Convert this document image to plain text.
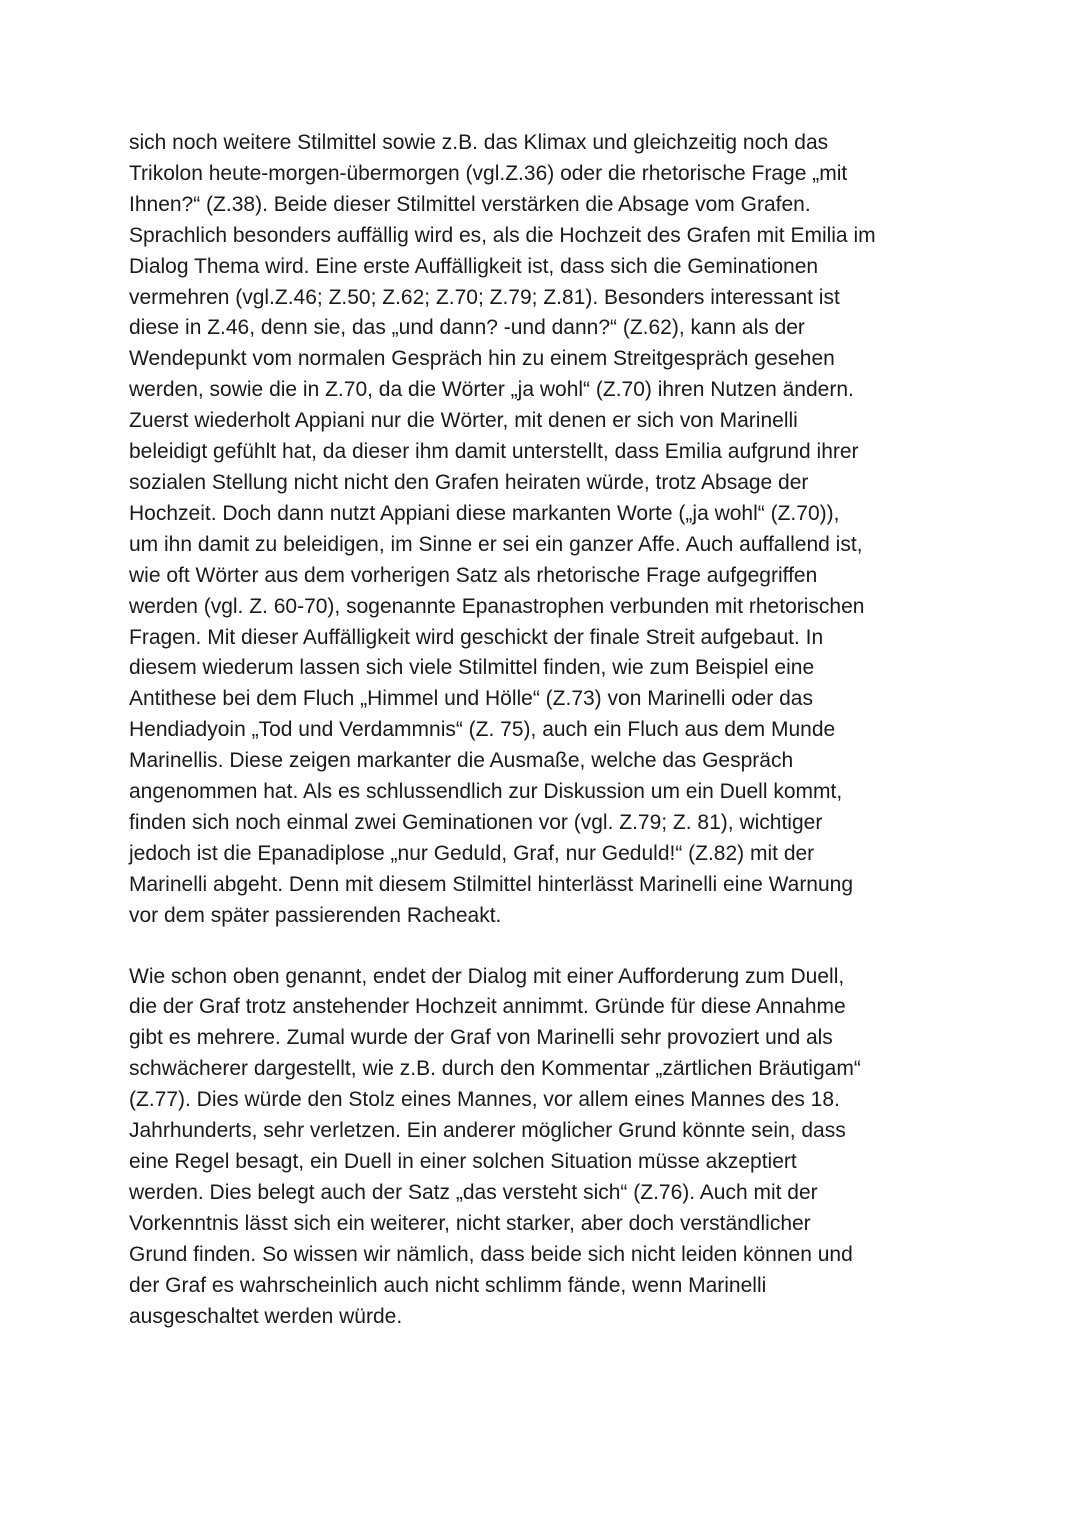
sich noch weitere Stilmittel sowie z.B. das Klimax und gleichzeitig noch das
Trikolon heute-morgen-übermorgen (vgl.Z.36) oder die rhetorische Frage „mit
Ihnen?“ (Z.38). Beide dieser Stilmittel verstärken die Absage vom Grafen.
Sprachlich besonders auffällig wird es, als die Hochzeit des Grafen mit Emilia im
Dialog Thema wird. Eine erste Auffälligkeit ist, dass sich die Geminationen
vermehren (vgl.Z.46; Z.50; Z.62; Z.70; Z.79; Z.81). Besonders interessant ist
diese in Z.46, denn sie, das „und dann? -und dann?“ (Z.62), kann als der
Wendepunkt vom normalen Gespräch hin zu einem Streitgespräch gesehen
werden, sowie die in Z.70, da die Wörter „ja wohl“ (Z.70) ihren Nutzen ändern.
Zuerst wiederholt Appiani nur die Wörter, mit denen er sich von Marinelli
beleidigt gefühlt hat, da dieser ihm damit unterstellt, dass Emilia aufgrund ihrer
sozialen Stellung nicht nicht den Grafen heiraten würde, trotz Absage der
Hochzeit. Doch dann nutzt Appiani diese markanten Worte („ja wohl“ (Z.70)),
um ihn damit zu beleidigen, im Sinne er sei ein ganzer Affe. Auch auffallend ist,
wie oft Wörter aus dem vorherigen Satz als rhetorische Frage aufgegriffen
werden (vgl. Z. 60-70), sogenannte Epanastrophen verbunden mit rhetorischen
Fragen. Mit dieser Auffälligkeit wird geschickt der finale Streit aufgebaut. In
diesem wiederum lassen sich viele Stilmittel finden, wie zum Beispiel eine
Antithese bei dem Fluch „Himmel und Hölle“ (Z.73) von Marinelli oder das
Hendiadyoin „Tod und Verdammnis“ (Z. 75), auch ein Fluch aus dem Munde
Marinellis. Diese zeigen markanter die Ausmaße, welche das Gespräch
angenommen hat. Als es schlussendlich zur Diskussion um ein Duell kommt,
finden sich noch einmal zwei Geminationen vor (vgl. Z.79; Z. 81), wichtiger
jedoch ist die Epanadiplose „nur Geduld, Graf, nur Geduld!“ (Z.82) mit der
Marinelli abgeht. Denn mit diesem Stilmittel hinterlässt Marinelli eine Warnung
vor dem später passierenden Racheakt.

Wie schon oben genannt, endet der Dialog mit einer Aufforderung zum Duell,
die der Graf trotz anstehender Hochzeit annimmt. Gründe für diese Annahme
gibt es mehrere. Zumal wurde der Graf von Marinelli sehr provoziert und als
schwächerer dargestellt, wie z.B. durch den Kommentar „zärtlichen Bräutigam“
(Z.77). Dies würde den Stolz eines Mannes, vor allem eines Mannes des 18.
Jahrhunderts, sehr verletzen. Ein anderer möglicher Grund könnte sein, dass
eine Regel besagt, ein Duell in einer solchen Situation müsse akzeptiert
werden. Dies belegt auch der Satz „das versteht sich“ (Z.76). Auch mit der
Vorkenntnis lässt sich ein weiterer, nicht starker, aber doch verständlicher
Grund finden. So wissen wir nämlich, dass beide sich nicht leiden können und
der Graf es wahrscheinlich auch nicht schlimm fände, wenn Marinelli
ausgeschaltet werden würde.
